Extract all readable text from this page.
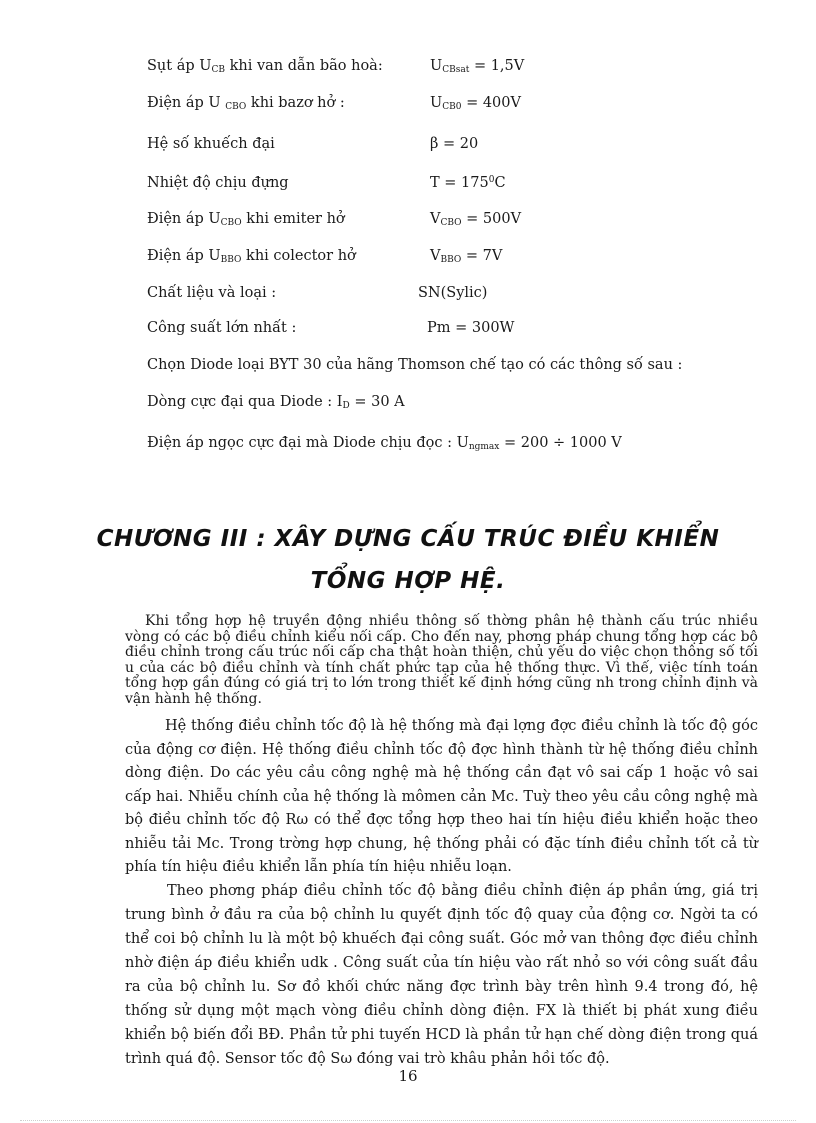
Sụt áp $U_{CB}$ khi van dẫn bão hoà:	$U_{CBsat} = 1,5V$
Điện áp U $_{CBO}$ khi bazơ hở :	$U_{CB0} = 400V$
Hệ số khuếch đại	β = 20
Nhiệt độ chịu đựng	$T = 175^0C$
Điện áp $U_{CBO}$ khi emiter hở	$V_{CBO} = 500V$
Điện áp $U_{BBO}$ khi colector hở	$V_{BBO} = 7V$
Chất liệu và loại :	SN(Sylic)
Công suất lớn nhất :	Pm = 300W
Chọn Diode loại BYT 30 của hãng Thomson chế tạo có các thông số sau :
Dòng cực đại qua Diode : $I_D = 30$ A
Điện áp ngọc cực đại mà Diode chịu đọc : $U_{ngmax} = 200 \div 1000$ V
CHƯƠNG III : XÂY DỰNG CẤU TRÚC ĐIỀU KHIỂN
TỔNG HỢP HỆ.
Khi tổng hợp hệ truyền động nhiều thông số thờng phân hệ thành cấu trúc nhiều vòng có các bộ điều chỉnh kiểu nối cấp. Cho đến nay, phơng pháp chung tổng hợp các bộ điều chỉnh trong cấu trúc nối cấp cha thật hoàn thiện, chủ yếu do việc chọn thông số tối u của các bộ điều chỉnh và tính chất phức tạp của hệ thống thực. Vì thế, việc tính toán tổng hợp gần đúng có giá trị to lớn trong thiết kế định hớng cũng nh trong chỉnh định và vận hành hệ thống.
Hệ thống điều chỉnh tốc độ là hệ thống mà đại lợng đợc điều chỉnh là tốc độ góc của động cơ điện. Hệ thống điều chỉnh tốc độ đợc hình thành từ hệ thống điều chỉnh dòng điện. Do các yêu cầu công nghệ mà hệ thống cần đạt vô sai cấp 1 hoặc vô sai cấp hai. Nhiễu chính của hệ thống là mômen cản Mc. Tuỳ theo yêu cầu công nghệ mà bộ điều chỉnh tốc độ Rω có thể đợc tổng hợp theo hai tín hiệu điều khiển hoặc theo nhiễu tải Mc. Trong trờng hợp chung, hệ thống phải có đặc tính điều chỉnh tốt cả từ phía tín hiệu điều khiển lẫn phía tín hiệu nhiễu loạn.
Theo phơng pháp điều chỉnh tốc độ bằng điều chỉnh điện áp phần ứng, giá trị trung bình ở đầu ra của bộ chỉnh lu quyết định tốc độ quay của động cơ. Ngời ta có thể coi bộ chỉnh lu là một bộ khuếch đại công suất. Góc mở van thông đợc điều chỉnh nhờ điện áp điều khiển udk . Công suất của tín hiệu vào rất nhỏ so với công suất đầu ra của bộ chỉnh lu. Sơ đồ khối chức năng đợc trình bày trên hình 9.4 trong đó, hệ thống sử dụng một mạch vòng điều chỉnh dòng điện. FX là thiết bị phát xung điều khiển bộ biến đổi BĐ. Phần tử phi tuyến HCD là phần tử hạn chế dòng điện trong quá trình quá độ. Sensor tốc độ Sω đóng vai trò khâu phản hồi tốc độ.
16
